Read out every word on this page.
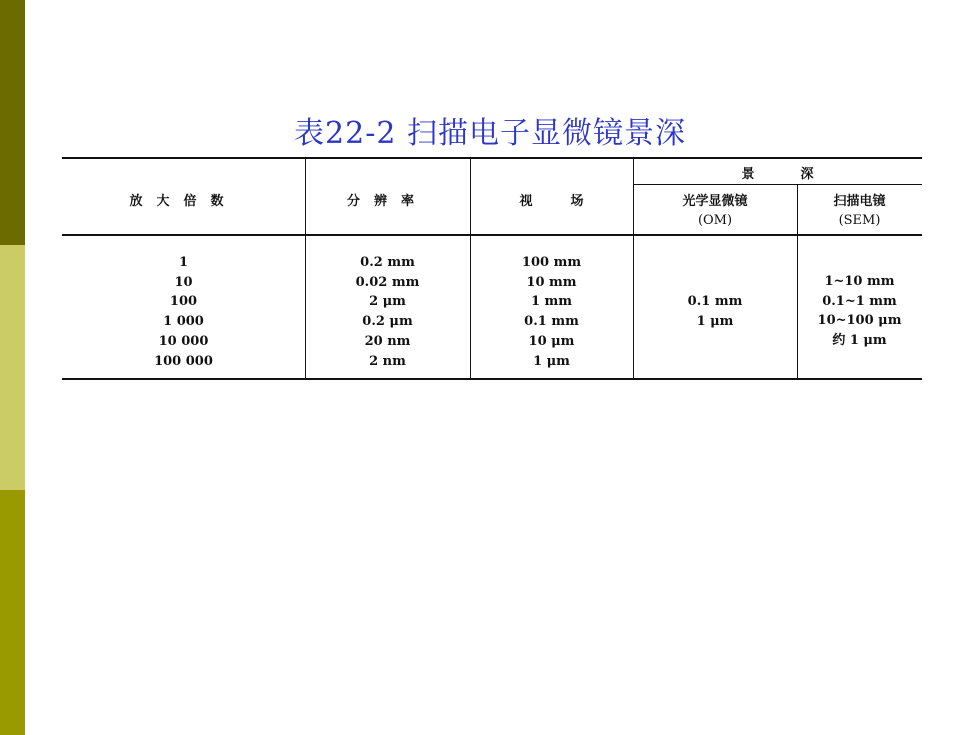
表22-2 扫描电子显微镜景深
放大倍数	分辨率	视场
景深
光学显微镜
(OM)
扫描电镜
(SEM)
1
10
100
1 000
10 000
100 000
0.2 mm
0.02 mm
2 μm
0.2 μm
20 nm
2 nm
100 mm
10 mm
1 mm
0.1 mm
10 μm
1 μm
0.1 mm
1 μm
1~10 mm
0.1~1 mm
10~100 μm
约 1 μm
